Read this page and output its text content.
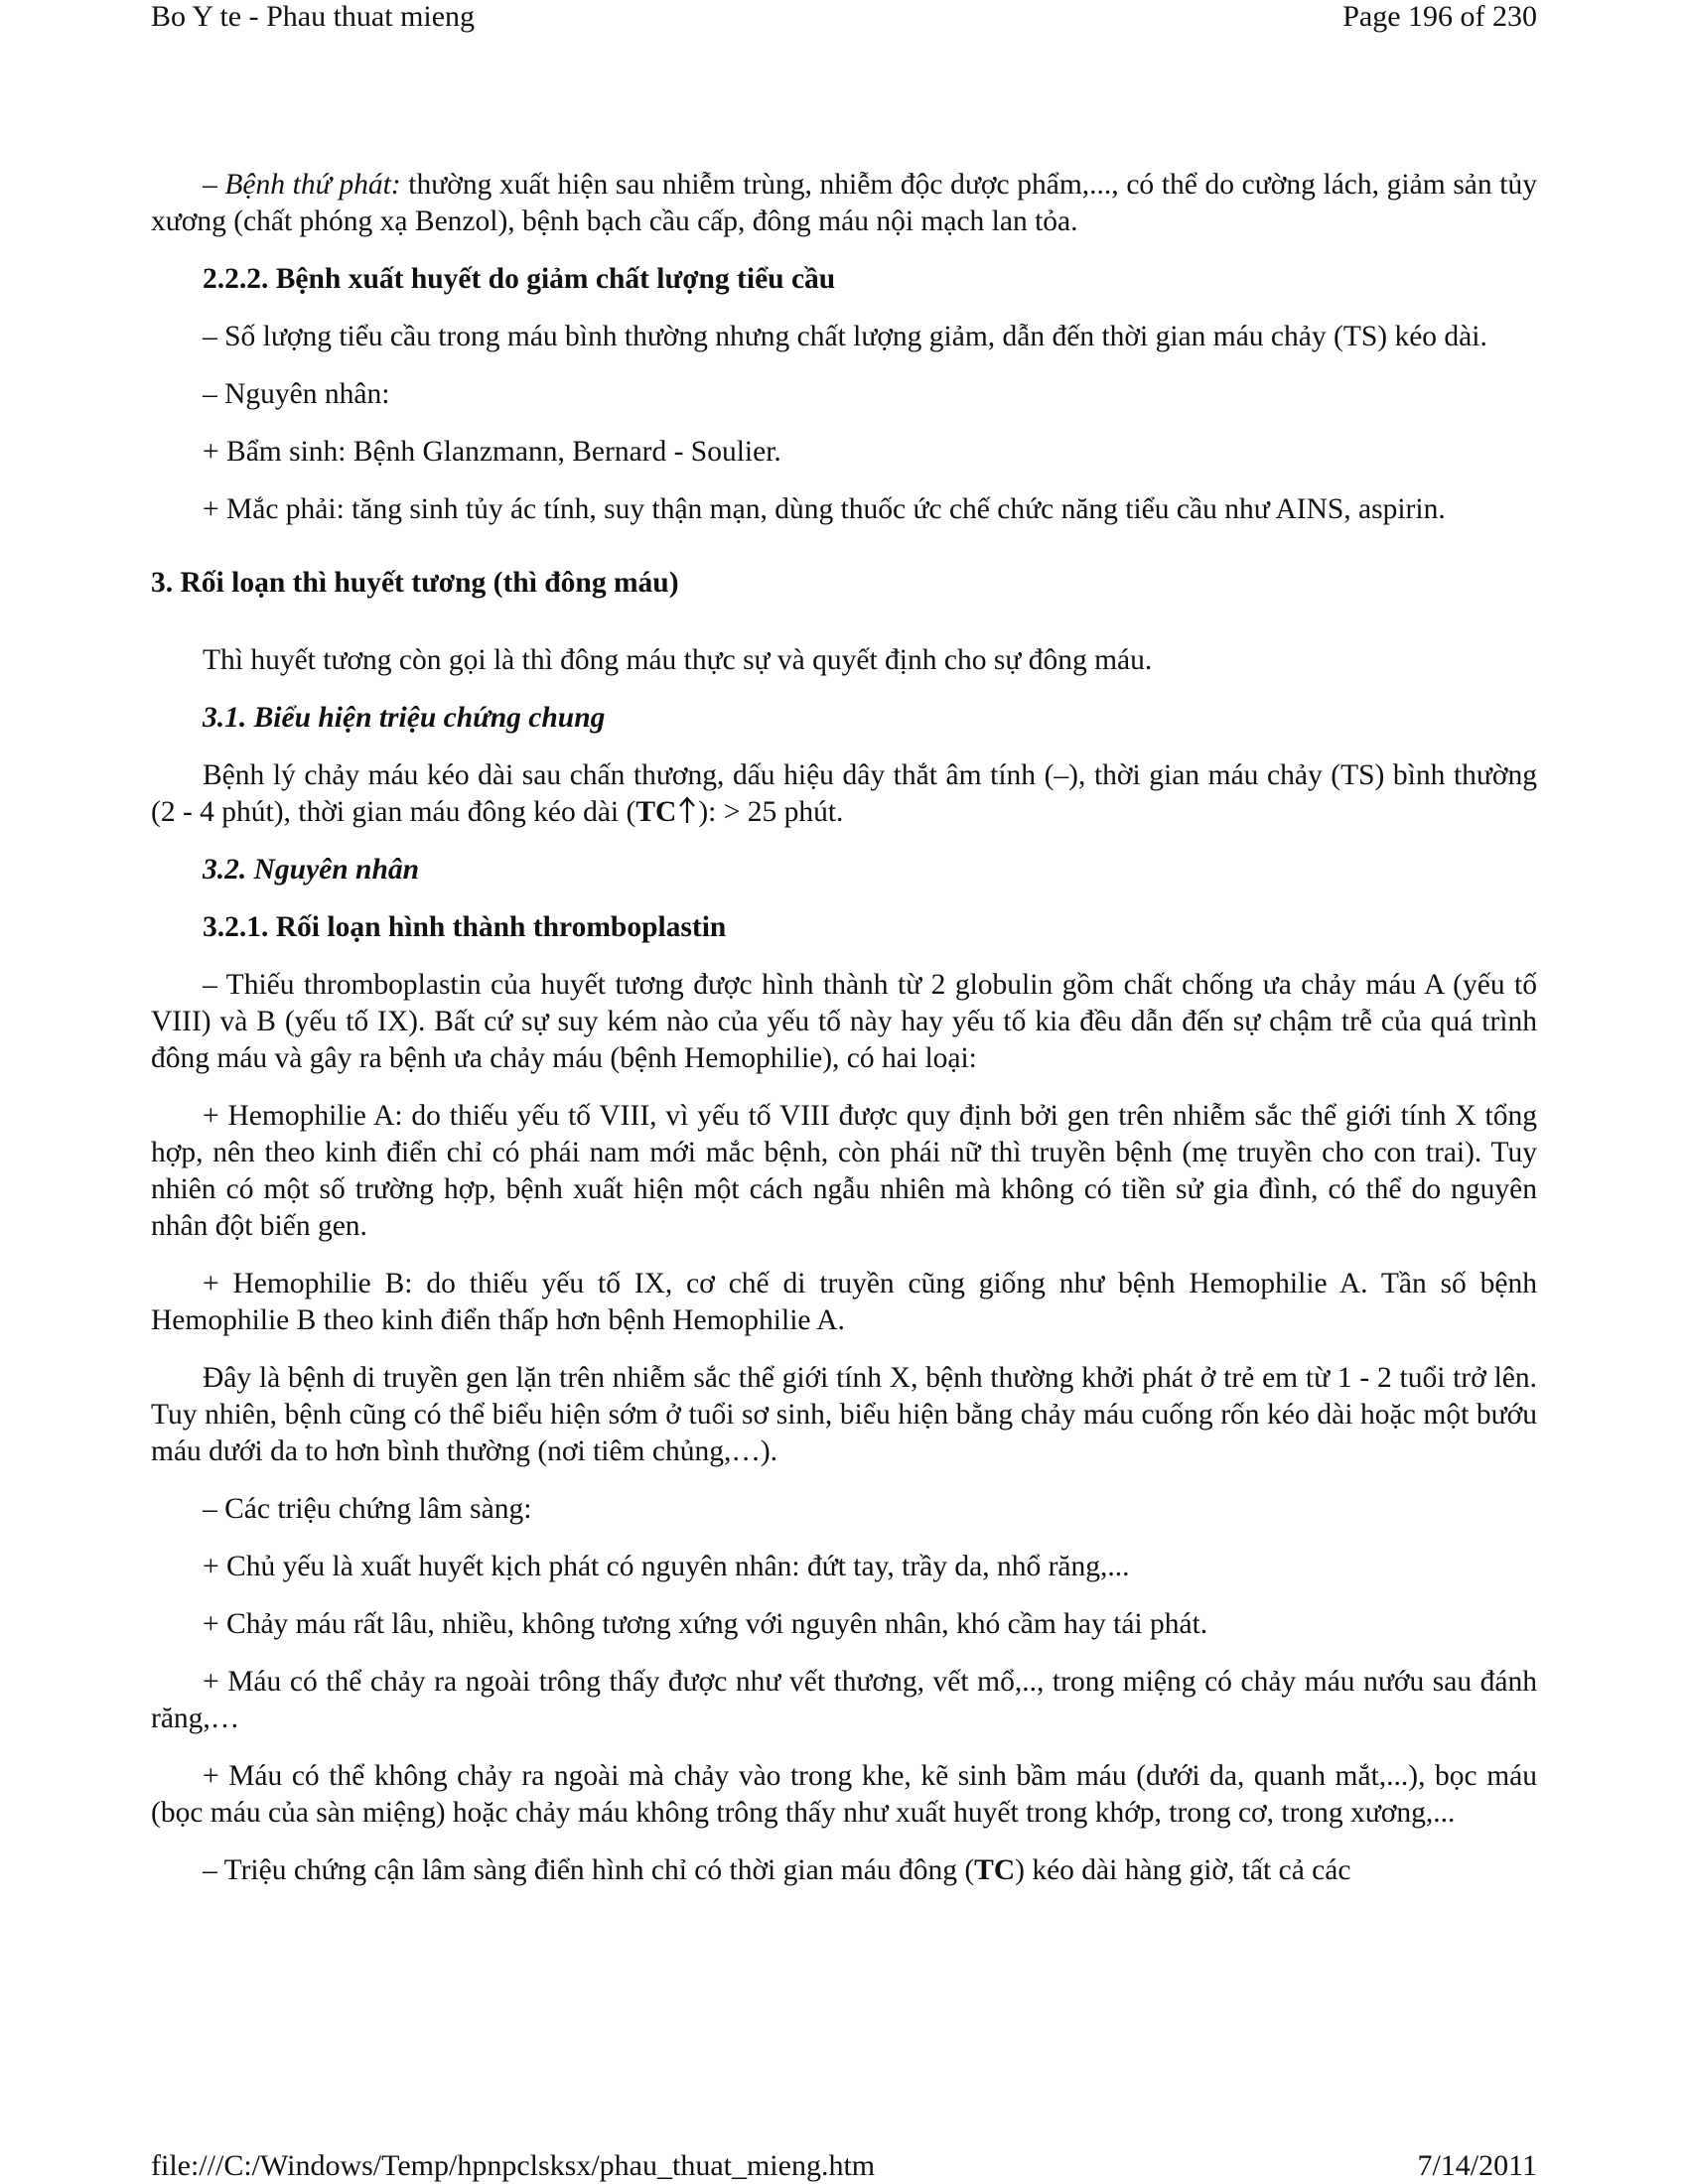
Bo Y te - Phau thuat mieng	Page 196 of 230

– Bệnh thứ phát: thường xuất hiện sau nhiễm trùng, nhiễm độc dược phẩm,..., có thể do cường lách, giảm sản tủy xương (chất phóng xạ Benzol), bệnh bạch cầu cấp, đông máu nội mạch lan tỏa.

2.2.2. Bệnh xuất huyết do giảm chất lượng tiểu cầu

– Số lượng tiểu cầu trong máu bình thường nhưng chất lượng giảm, dẫn đến thời gian máu chảy (TS) kéo dài.

– Nguyên nhân:

+ Bẩm sinh: Bệnh Glanzmann, Bernard - Soulier.

+ Mắc phải: tăng sinh tủy ác tính, suy thận mạn, dùng thuốc ức chế chức năng tiểu cầu như AINS, aspirin.

3. Rối loạn thì huyết tương (thì đông máu)

Thì huyết tương còn gọi là thì đông máu thực sự và quyết định cho sự đông máu.

3.1. Biểu hiện triệu chứng chung

Bệnh lý chảy máu kéo dài sau chấn thương, dấu hiệu dây thắt âm tính (–), thời gian máu chảy (TS) bình thường (2 - 4 phút), thời gian máu đông kéo dài (TC ): > 25 phút.

3.2. Nguyên nhân
3.2.1. Rối loạn hình thành thromboplastin

– Thiếu thromboplastin của huyết tương được hình thành từ 2 globulin gồm chất chống ưa chảy máu A (yếu tố VIII) và B (yếu tố IX). Bất cứ sự suy kém nào của yếu tố này hay yếu tố kia đều dẫn đến sự chậm trễ của quá trình đông máu và gây ra bệnh ưa chảy máu (bệnh Hemophilie), có hai loại:

+ Hemophilie A: do thiếu yếu tố VIII, vì yếu tố VIII được quy định bởi gen trên nhiễm sắc thể giới tính X tổng hợp, nên theo kinh điển chỉ có phái nam mới mắc bệnh, còn phái nữ thì truyền bệnh (mẹ truyền cho con trai). Tuy nhiên có một số trường hợp, bệnh xuất hiện một cách ngẫu nhiên mà không có tiền sử gia đình, có thể do nguyên nhân đột biến gen.

+ Hemophilie B: do thiếu yếu tố IX, cơ chế di truyền cũng giống như bệnh Hemophilie A. Tần số bệnh Hemophilie B theo kinh điển thấp hơn bệnh Hemophilie A.

Đây là bệnh di truyền gen lặn trên nhiễm sắc thể giới tính X, bệnh thường khởi phát ở trẻ em từ 1 - 2 tuổi trở lên. Tuy nhiên, bệnh cũng có thể biểu hiện sớm ở tuổi sơ sinh, biểu hiện bằng chảy máu cuống rốn kéo dài hoặc một bướu máu dưới da to hơn bình thường (nơi tiêm chủng,…).

– Các triệu chứng lâm sàng:

+ Chủ yếu là xuất huyết kịch phát có nguyên nhân: đứt tay, trầy da, nhổ răng,...

+ Chảy máu rất lâu, nhiều, không tương xứng với nguyên nhân, khó cầm hay tái phát.

+ Máu có thể chảy ra ngoài trông thấy được như vết thương, vết mổ,.., trong miệng có chảy máu nướu sau đánh răng,…

+ Máu có thể không chảy ra ngoài mà chảy vào trong khe, kẽ sinh bầm máu (dưới da, quanh mắt,...), bọc máu (bọc máu của sàn miệng) hoặc chảy máu không trông thấy như xuất huyết trong khớp, trong cơ, trong xương,...

– Triệu chứng cận lâm sàng điển hình chỉ có thời gian máu đông (TC) kéo dài hàng giờ, tất cả các

file:///C:/Windows/Temp/hpnpclsksx/phau_thuat_mieng.htm	7/14/2011
